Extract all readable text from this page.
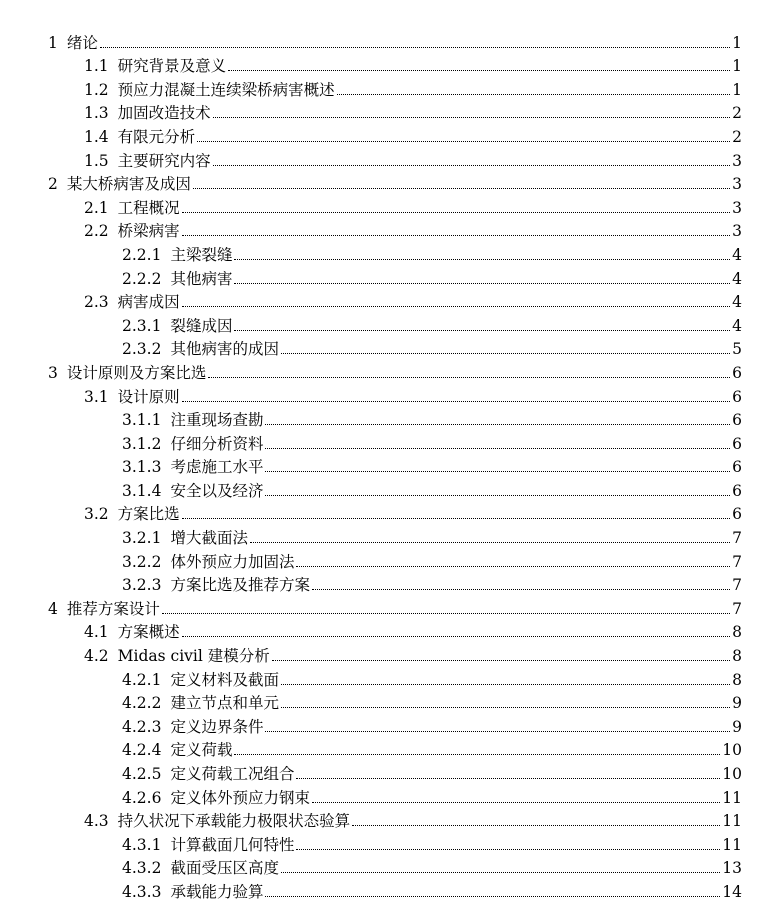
1 绪论	1
1.1 研究背景及意义	1
1.2 预应力混凝土连续梁桥病害概述	1
1.3 加固改造技术	2
1.4 有限元分析	2
1.5 主要研究内容	3
2 某大桥病害及成因	3
2.1 工程概况	3
2.2 桥梁病害	3
2.2.1 主梁裂缝	4
2.2.2 其他病害	4
2.3 病害成因	4
2.3.1 裂缝成因	4
2.3.2 其他病害的成因	5
3 设计原则及方案比选	6
3.1 设计原则	6
3.1.1 注重现场查勘	6
3.1.2 仔细分析资料	6
3.1.3 考虑施工水平	6
3.1.4 安全以及经济	6
3.2 方案比选	6
3.2.1 增大截面法	7
3.2.2 体外预应力加固法	7
3.2.3 方案比选及推荐方案	7
4 推荐方案设计	7
4.1 方案概述	8
4.2 Midas civil 建模分析	8
4.2.1 定义材料及截面	8
4.2.2 建立节点和单元	9
4.2.3 定义边界条件	9
4.2.4 定义荷载	10
4.2.5 定义荷载工况组合	10
4.2.6 定义体外预应力钢束	11
4.3 持久状况下承载能力极限状态验算	11
4.3.1 计算截面几何特性	11
4.3.2 截面受压区高度	13
4.3.3 承载能力验算	14
